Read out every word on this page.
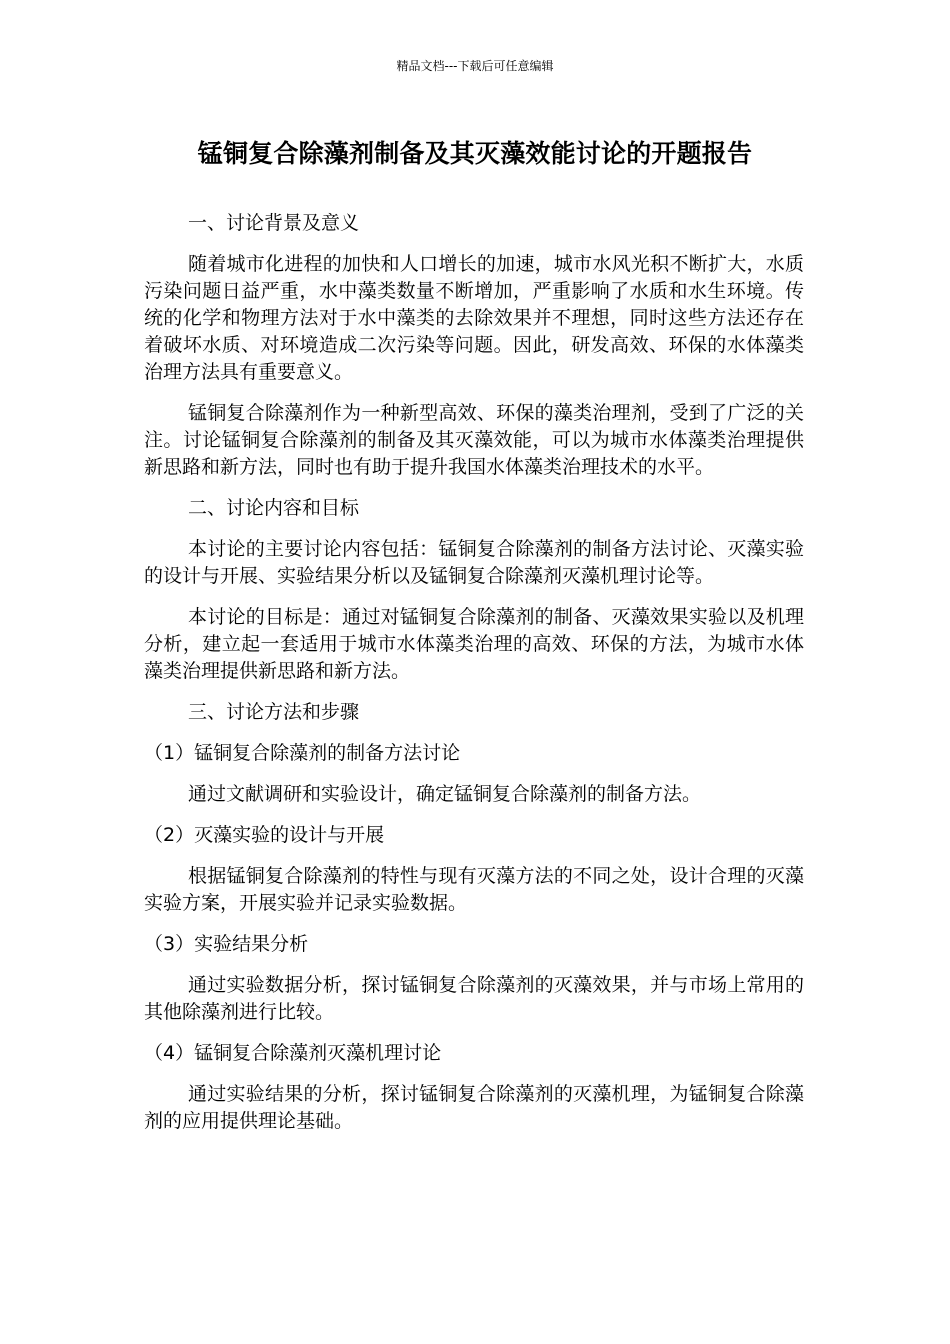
精品文档---下载后可任意编辑
锰铜复合除藻剂制备及其灭藻效能讨论的开题报告

一、讨论背景及意义

随着城市化进程的加快和人口增长的加速，城市水风光积不断扩大，水质污染问题日益严重，水中藻类数量不断增加，严重影响了水质和水生环境。传统的化学和物理方法对于水中藻类的去除效果并不理想，同时这些方法还存在着破坏水质、对环境造成二次污染等问题。因此，研发高效、环保的水体藻类治理方法具有重要意义。

锰铜复合除藻剂作为一种新型高效、环保的藻类治理剂，受到了广泛的关注。讨论锰铜复合除藻剂的制备及其灭藻效能，可以为城市水体藻类治理提供新思路和新方法，同时也有助于提升我国水体藻类治理技术的水平。

二、讨论内容和目标

本讨论的主要讨论内容包括：锰铜复合除藻剂的制备方法讨论、灭藻实验的设计与开展、实验结果分析以及锰铜复合除藻剂灭藻机理讨论等。

本讨论的目标是：通过对锰铜复合除藻剂的制备、灭藻效果实验以及机理分析，建立起一套适用于城市水体藻类治理的高效、环保的方法，为城市水体藻类治理提供新思路和新方法。

三、讨论方法和步骤

（1）锰铜复合除藻剂的制备方法讨论

通过文献调研和实验设计，确定锰铜复合除藻剂的制备方法。

（2）灭藻实验的设计与开展

根据锰铜复合除藻剂的特性与现有灭藻方法的不同之处，设计合理的灭藻实验方案，开展实验并记录实验数据。

（3）实验结果分析

通过实验数据分析，探讨锰铜复合除藻剂的灭藻效果，并与市场上常用的其他除藻剂进行比较。

（4）锰铜复合除藻剂灭藻机理讨论

通过实验结果的分析，探讨锰铜复合除藻剂的灭藻机理，为锰铜复合除藻剂的应用提供理论基础。
